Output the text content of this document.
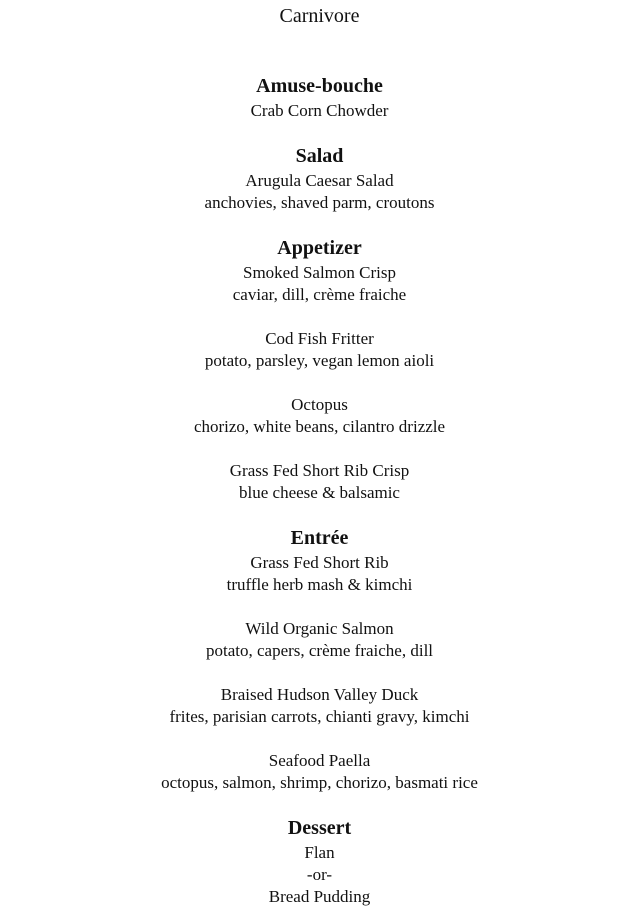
Carnivore
Amuse-bouche
Crab Corn Chowder
Salad
Arugula Caesar Salad
anchovies, shaved parm, croutons
Appetizer
Smoked Salmon Crisp
caviar, dill, crème fraiche
Cod Fish Fritter
potato, parsley, vegan lemon aioli
Octopus
chorizo, white beans, cilantro drizzle
Grass Fed Short Rib Crisp
blue cheese & balsamic
Entrée
Grass Fed Short Rib
truffle herb mash & kimchi
Wild Organic Salmon
potato, capers, crème fraiche, dill
Braised Hudson Valley Duck
frites, parisian carrots, chianti gravy, kimchi
Seafood Paella
octopus, salmon, shrimp, chorizo, basmati rice
Dessert
Flan
-or-
Bread Pudding
